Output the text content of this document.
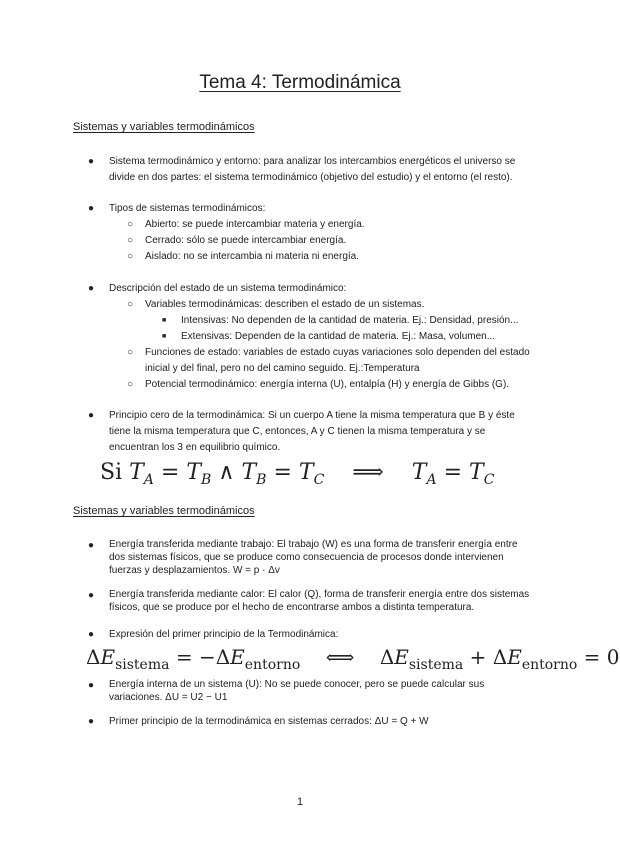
Tema 4: Termodinámica
Sistemas y variables termodinámicos
● Sistema termodinámico y entorno: para analizar los intercambios energéticos el universo se
divide en dos partes: el sistema termodinámico (objetivo del estudio) y el entorno (el resto).
● Tipos de sistemas termodinámicos:
○ Abierto: se puede intercambiar materia y energía.
○ Cerrado: sólo se puede intercambiar energía.
○ Aislado: no se intercambia ni materia ni energía.
● Descripción del estado de un sistema termodinámico:
○ Variables termodinámicas: describen el estado de un sistemas.
■ Intensivas: No dependen de la cantidad de materia. Ej.: Densidad, presión...
■ Extensivas: Dependen de la cantidad de materia. Ej.: Masa, volumen...
○ Funciones de estado: variables de estado cuyas variaciones solo dependen del estado
inicial y del final, pero no del camino seguido. Ej.:Temperatura
○ Potencial termodinámico: energía interna (U), entalpía (H) y energía de Gibbs (G).
● Principio cero de la termodinámica: Si un cuerpo A tiene la misma temperatura que B y éste
tiene la misma temperatura que C, entonces, A y C tienen la misma temperatura y se
encuentran los 3 en equilibrio químico.
Si $T_A = T_B$ ∧ $T_B = T_C$ ⟹ $T_A = T_C$
Sistemas y variables termodinámicos
● Energía transferida mediante trabajo: El trabajo (W) es una forma de transferir energía entre
dos sistemas físicos, que se produce como consecuencia de procesos donde intervienen
fuerzas y desplazamientos. W = p · Δv
● Energía transferida mediante calor: El calor (Q), forma de transferir energía entre dos sistemas
físicos, que se produce por el hecho de encontrarse ambos a distinta temperatura.
● Expresión del primer principio de la Termodinámica:
$\Delta E_{sistema} = -\Delta E_{entorno}$ ⟺ $\Delta E_{sistema} + \Delta E_{entorno} = 0$
● Energía interna de un sistema (U): No se puede conocer, pero se puede calcular sus
variaciones. ΔU = U2 − U1
● Primer principio de la termodinámica en sistemas cerrados: ΔU = Q + W
1
